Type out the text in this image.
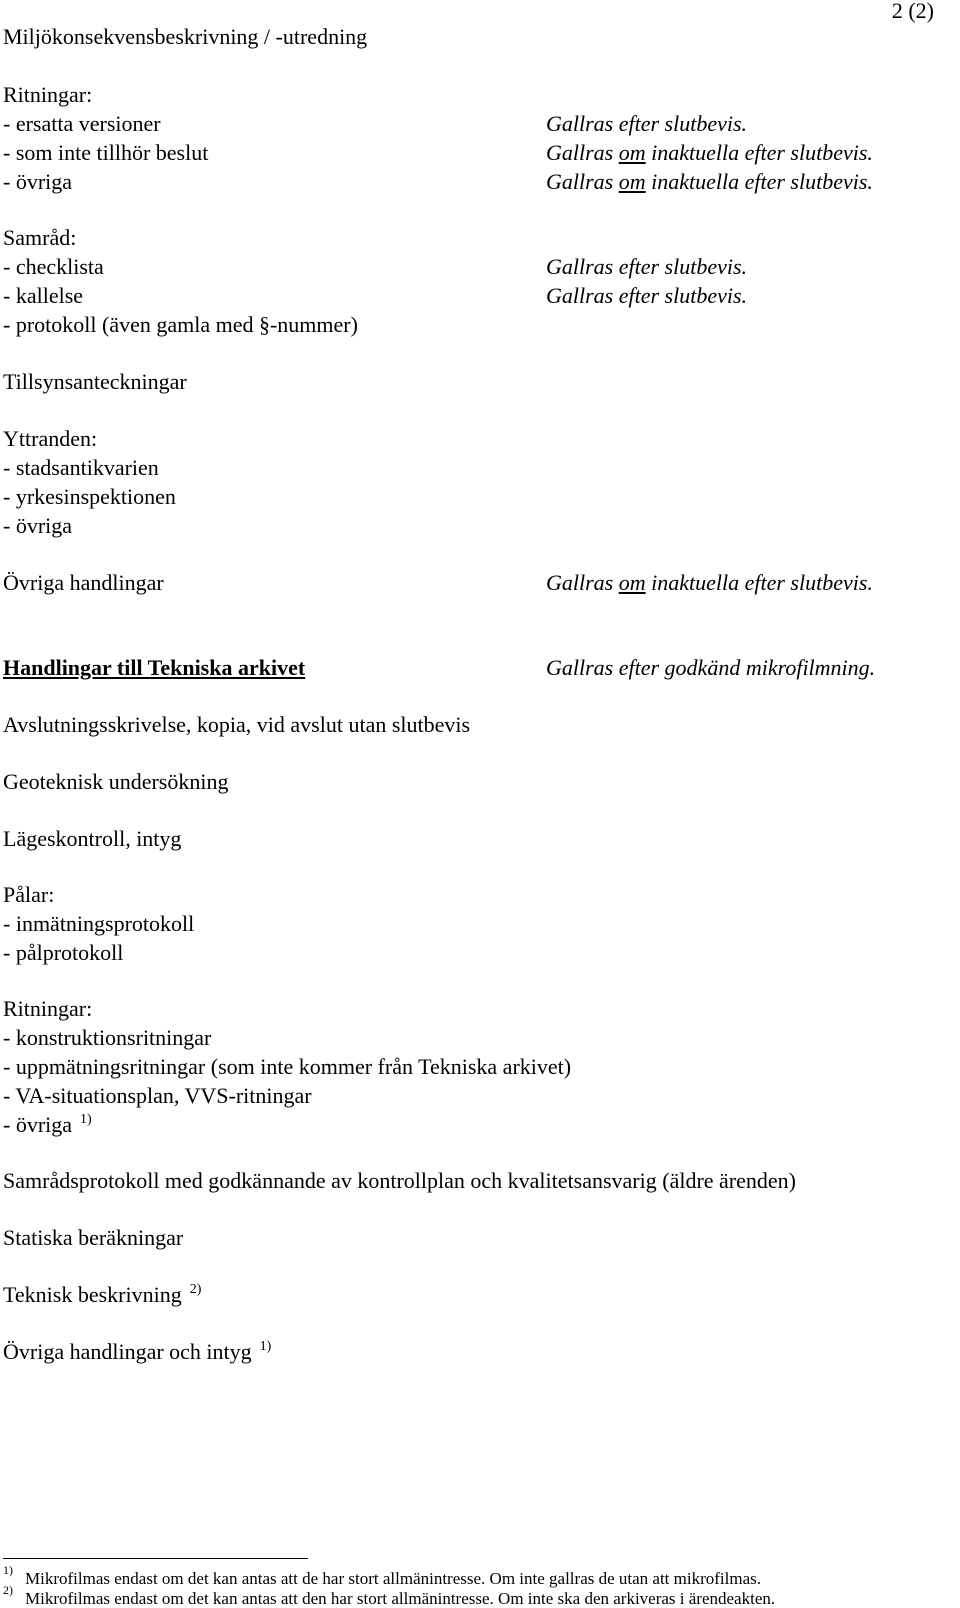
2 (2)
Miljökonsekvensbeskrivning / -utredning
Ritningar:
- ersatta versioner	Gallras efter slutbevis.
- som inte tillhör beslut	Gallras om inaktuella efter slutbevis.
- övriga	Gallras om inaktuella efter slutbevis.
Samråd:
- checklista	Gallras efter slutbevis.
- kallelse	Gallras efter slutbevis.
- protokoll (även gamla med §-nummer)
Tillsynsanteckningar
Yttranden:
- stadsantikvarien
- yrkesinspektionen
- övriga
Övriga handlingar	Gallras om inaktuella efter slutbevis.
Handlingar till Tekniska arkivet	Gallras efter godkänd mikrofilmning.
Avslutningsskrivelse, kopia, vid avslut utan slutbevis
Geoteknisk undersökning
Lägeskontroll, intyg
Pålar:
- inmätningsprotokoll
- pålprotokoll
Ritningar:
- konstruktionsritningar
- uppmätningsritningar (som inte kommer från Tekniska arkivet)
- VA-situationsplan, VVS-ritningar
- övriga $^{1)}$
Samrådsprotokoll med godkännande av kontrollplan och kvalitetsansvarig (äldre ärenden)
Statiska beräkningar
Teknisk beskrivning $^{2)}$
Övriga handlingar och intyg $^{1)}$
1) Mikrofilmas endast om det kan antas att de har stort allmänintresse. Om inte gallras de utan att mikrofilmas.
2) Mikrofilmas endast om det kan antas att den har stort allmänintresse. Om inte ska den arkiveras i ärendeakten.
